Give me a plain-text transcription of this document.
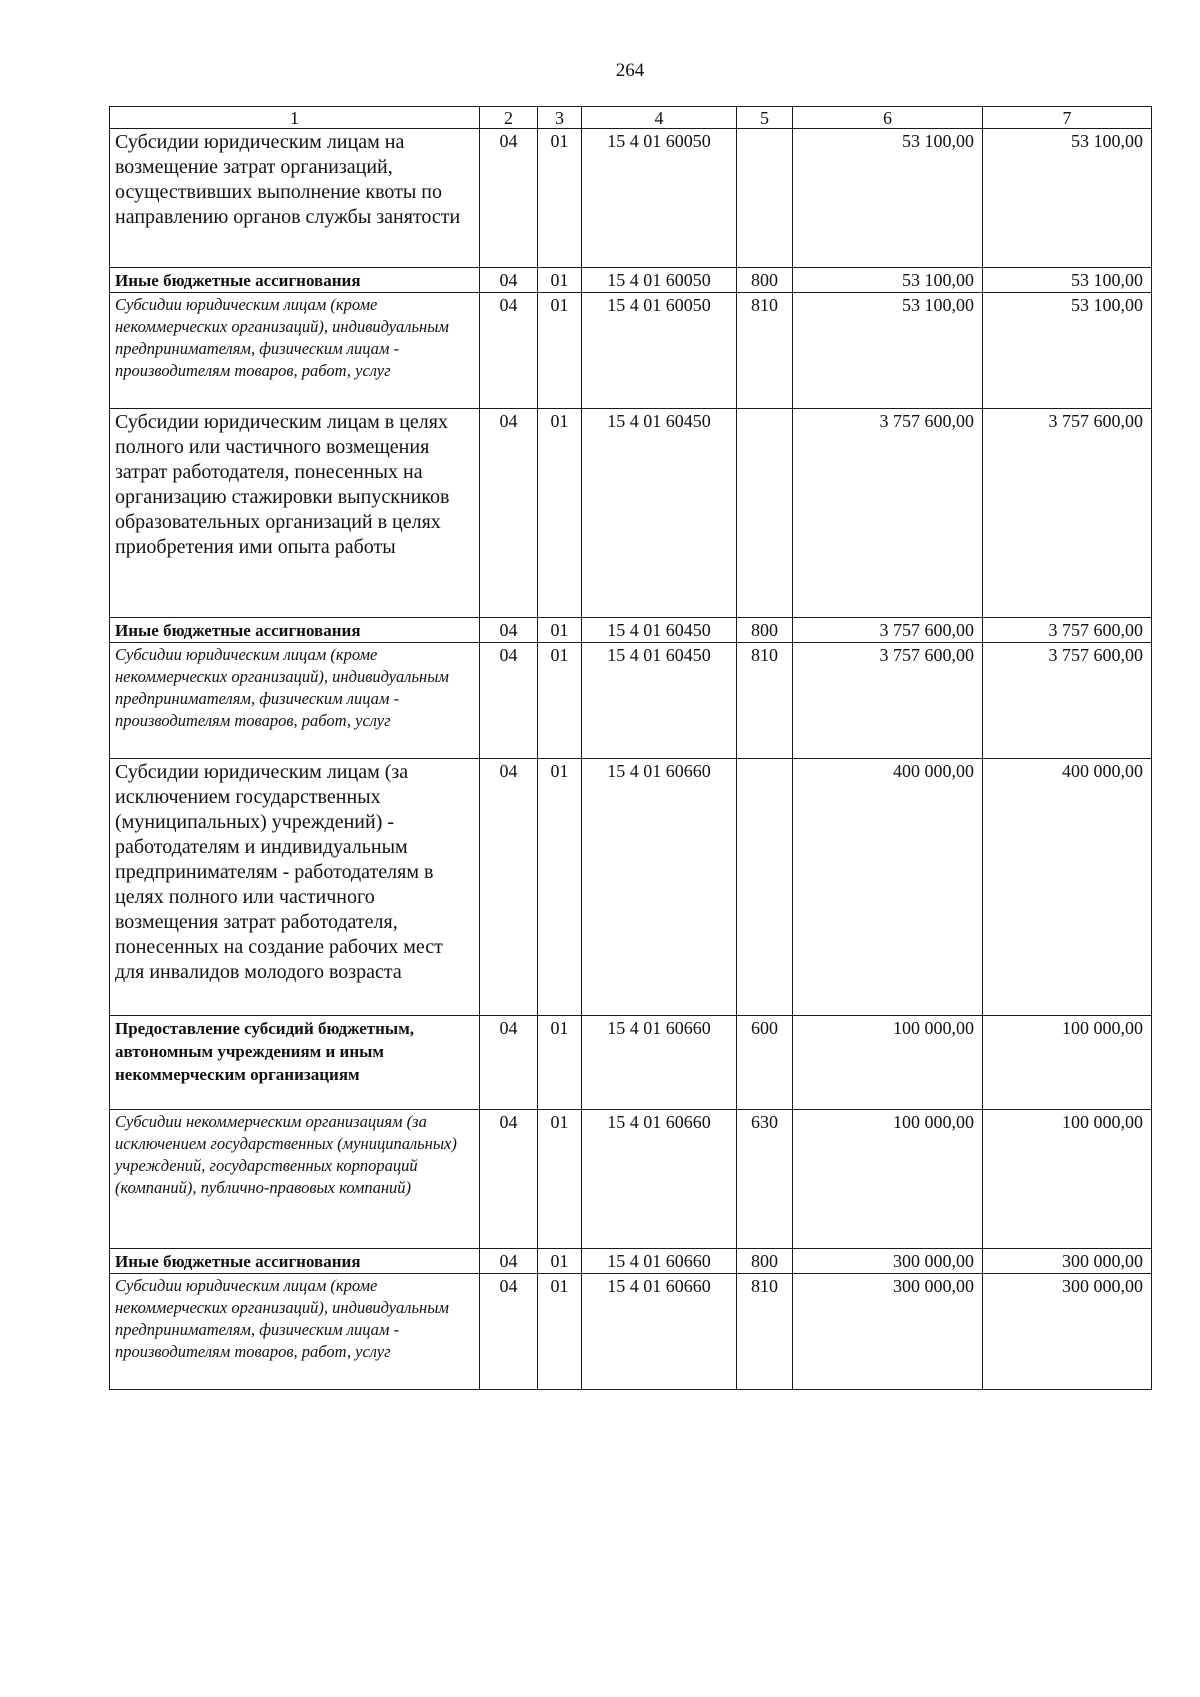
264
1	2	3	4	5	6	7
Субсидии юридическим лицам на возмещение затрат организаций, осуществивших выполнение квоты по направлению органов службы занятости	04	01	15 4 01 60050		53 100,00	53 100,00
Иные бюджетные ассигнования	04	01	15 4 01 60050	800	53 100,00	53 100,00
Субсидии юридическим лицам (кроме некоммерческих организаций), индивидуальным предпринимателям, физическим лицам - производителям товаров, работ, услуг	04	01	15 4 01 60050	810	53 100,00	53 100,00
Субсидии юридическим лицам в целях полного или частичного возмещения затрат работодателя, понесенных на организацию стажировки выпускников образовательных организаций в целях приобретения ими опыта работы	04	01	15 4 01 60450		3 757 600,00	3 757 600,00
Иные бюджетные ассигнования	04	01	15 4 01 60450	800	3 757 600,00	3 757 600,00
Субсидии юридическим лицам (кроме некоммерческих организаций), индивидуальным предпринимателям, физическим лицам - производителям товаров, работ, услуг	04	01	15 4 01 60450	810	3 757 600,00	3 757 600,00
Субсидии юридическим лицам (за исключением государственных (муниципальных) учреждений) - работодателям и индивидуальным предпринимателям - работодателям в целях полного или частичного возмещения затрат работодателя, понесенных на создание рабочих мест для инвалидов молодого возраста	04	01	15 4 01 60660		400 000,00	400 000,00
Предоставление субсидий бюджетным, автономным учреждениям и иным некоммерческим организациям	04	01	15 4 01 60660	600	100 000,00	100 000,00
Субсидии некоммерческим организациям (за исключением государственных (муниципальных) учреждений, государственных корпораций (компаний), публично-правовых компаний)	04	01	15 4 01 60660	630	100 000,00	100 000,00
Иные бюджетные ассигнования	04	01	15 4 01 60660	800	300 000,00	300 000,00
Субсидии юридическим лицам (кроме некоммерческих организаций), индивидуальным предпринимателям, физическим лицам - производителям товаров, работ, услуг	04	01	15 4 01 60660	810	300 000,00	300 000,00
